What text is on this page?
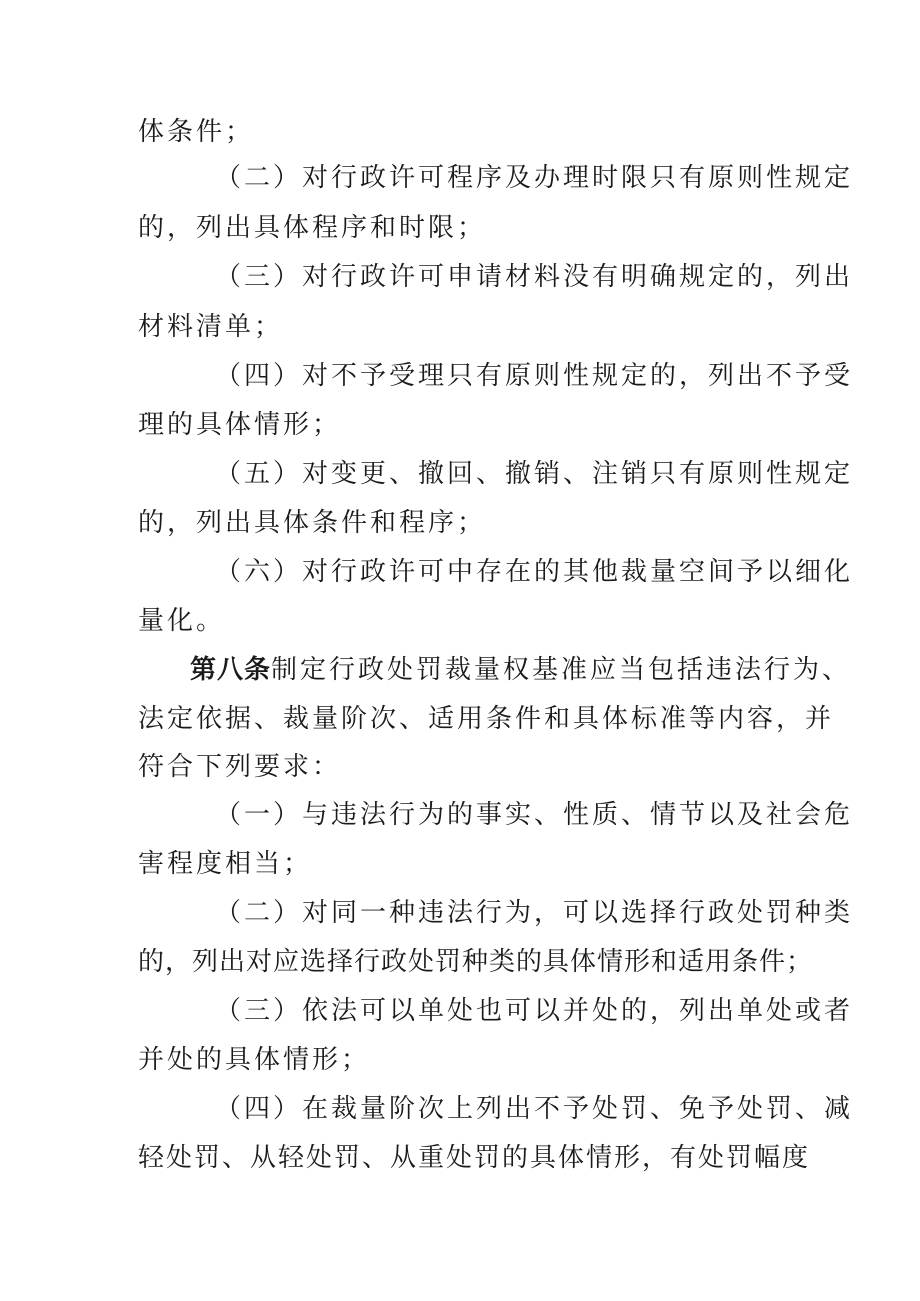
体条件；
（二）对行政许可程序及办理时限只有原则性规定
的，列出具体程序和时限；
（三）对行政许可申请材料没有明确规定的，列出
材料清单；
（四）对不予受理只有原则性规定的，列出不予受
理的具体情形；
（五）对变更、撤回、撤销、注销只有原则性规定
的，列出具体条件和程序；
（六）对行政许可中存在的其他裁量空间予以细化
量化。
第八条制定行政处罚裁量权基准应当包括违法行为、
法定依据、裁量阶次、适用条件和具体标准等内容，并
符合下列要求：
（一）与违法行为的事实、性质、情节以及社会危
害程度相当；
（二）对同一种违法行为，可以选择行政处罚种类
的，列出对应选择行政处罚种类的具体情形和适用条件；
（三）依法可以单处也可以并处的，列出单处或者
并处的具体情形；
（四）在裁量阶次上列出不予处罚、免予处罚、减
轻处罚、从轻处罚、从重处罚的具体情形，有处罚幅度
